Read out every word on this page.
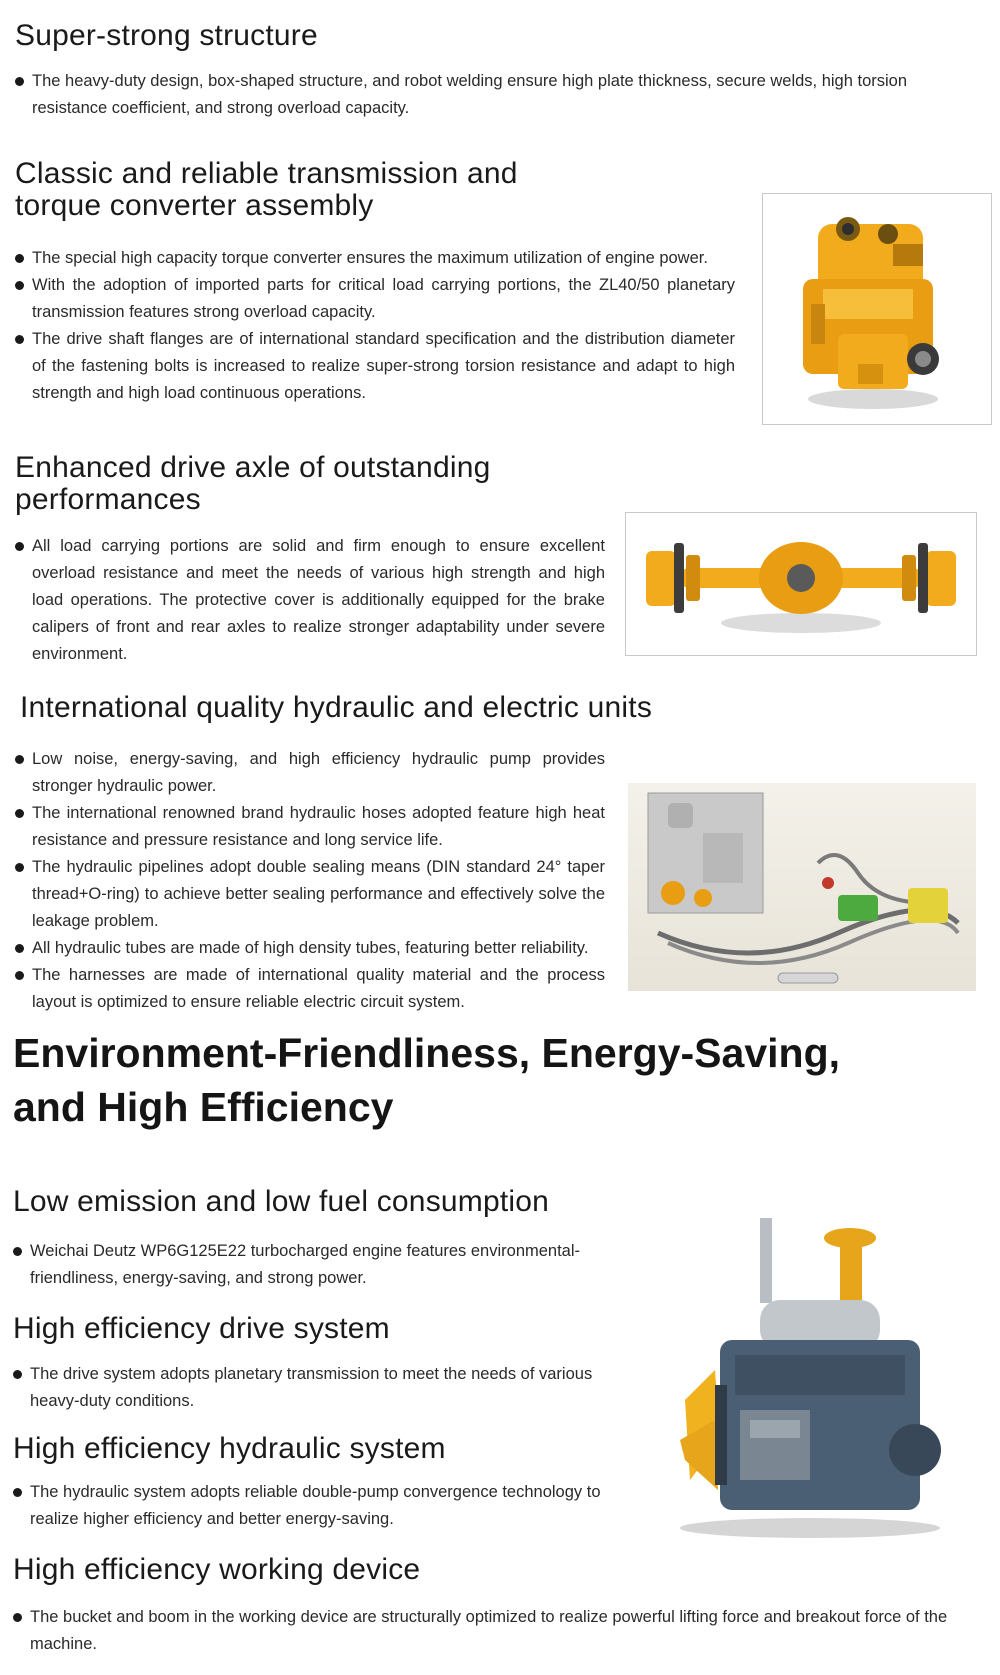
Super-strong structure
The heavy-duty design, box-shaped structure, and robot welding ensure high plate thickness, secure welds, high torsion resistance coefficient, and strong overload capacity.
Classic and reliable transmission and
torque converter assembly
The special high capacity torque converter ensures the maximum utilization of engine power.
With the adoption of imported parts for critical load carrying portions, the ZL40/50 planetary transmission features strong overload capacity.
The drive shaft flanges are of international standard specification and the distribution diameter of the fastening bolts is increased to realize super-strong torsion resistance and adapt to high strength and high load continuous operations.
Enhanced drive axle of outstanding
performances
All load carrying portions are solid and firm enough to ensure excellent overload resistance and meet the needs of various high strength and high load operations. The protective cover is additionally equipped for the brake calipers of front and rear axles to realize stronger adaptability under severe environment.
International quality hydraulic and electric units
Low noise, energy-saving, and high efficiency hydraulic pump provides stronger hydraulic power.
The international renowned brand hydraulic hoses adopted feature high heat resistance and pressure resistance and long service life.
The hydraulic pipelines adopt double sealing means (DIN standard 24° taper thread+O-ring) to achieve better sealing performance and effectively solve the leakage problem.
All hydraulic tubes are made of high density tubes, featuring better reliability.
The harnesses are made of international quality material and the process layout is optimized to ensure reliable electric circuit system.
Environment-Friendliness, Energy-Saving,
and High Efficiency
Low emission and low fuel consumption
Weichai Deutz WP6G125E22 turbocharged engine features environmental-friendliness, energy-saving, and strong power.
High efficiency drive system
The drive system adopts planetary transmission to meet the needs of various heavy-duty conditions.
High efficiency hydraulic system
The hydraulic system adopts reliable double-pump convergence technology to realize higher efficiency and better energy-saving.
High efficiency working device
The bucket and boom in the working device are structurally optimized to realize powerful lifting force and breakout force of the machine.
